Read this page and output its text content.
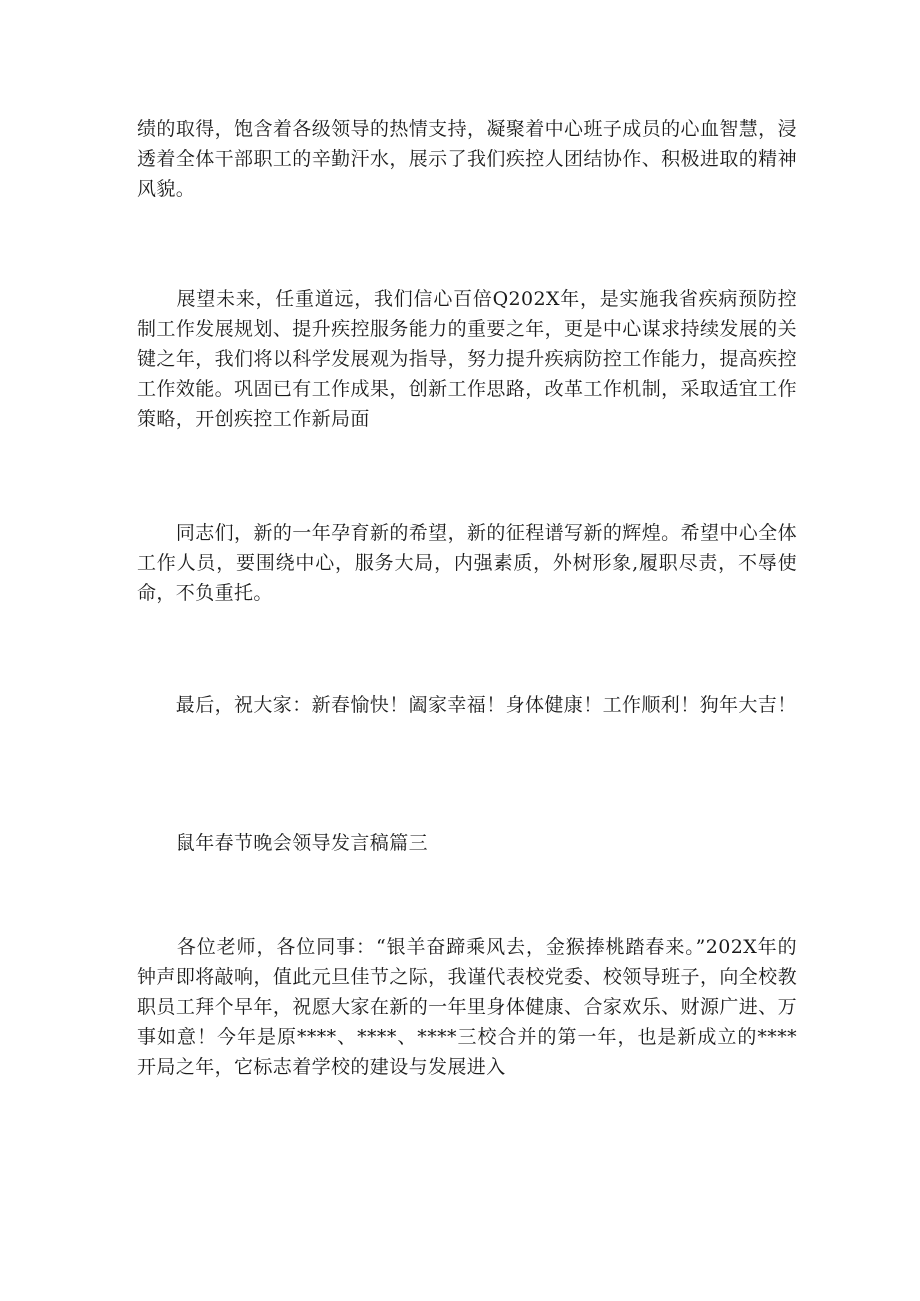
绩的取得，饱含着各级领导的热情支持，凝聚着中心班子成员的心血智慧，浸透着全体干部职工的辛勤汗水，展示了我们疾控人团结协作、积极进取的精神风貌。

　　展望未来，任重道远，我们信心百倍Q202X年，是实施我省疾病预防控制工作发展规划、提升疾控服务能力的重要之年，更是中心谋求持续发展的关键之年，我们将以科学发展观为指导，努力提升疾病防控工作能力，提高疾控工作效能。巩固已有工作成果，创新工作思路，改革工作机制，采取适宜工作策略，开创疾控工作新局面

　　同志们，新的一年孕育新的希望，新的征程谱写新的辉煌。希望中心全体工作人员，要围绕中心，服务大局，内强素质，外树形象,履职尽责，不辱使命，不负重托。

　　最后，祝大家：新春愉快！阖家幸福！身体健康！工作顺利！狗年大吉！

　　鼠年春节晚会领导发言稿篇三

　　各位老师，各位同事：“银羊奋蹄乘风去，金猴捧桃踏春来。”202X年的钟声即将敲响，值此元旦佳节之际，我谨代表校党委、校领导班子，向全校教职员工拜个早年，祝愿大家在新的一年里身体健康、合家欢乐、财源广进、万事如意！今年是原****、****、****三校合并的第一年，也是新成立的****开局之年，它标志着学校的建设与发展进入
